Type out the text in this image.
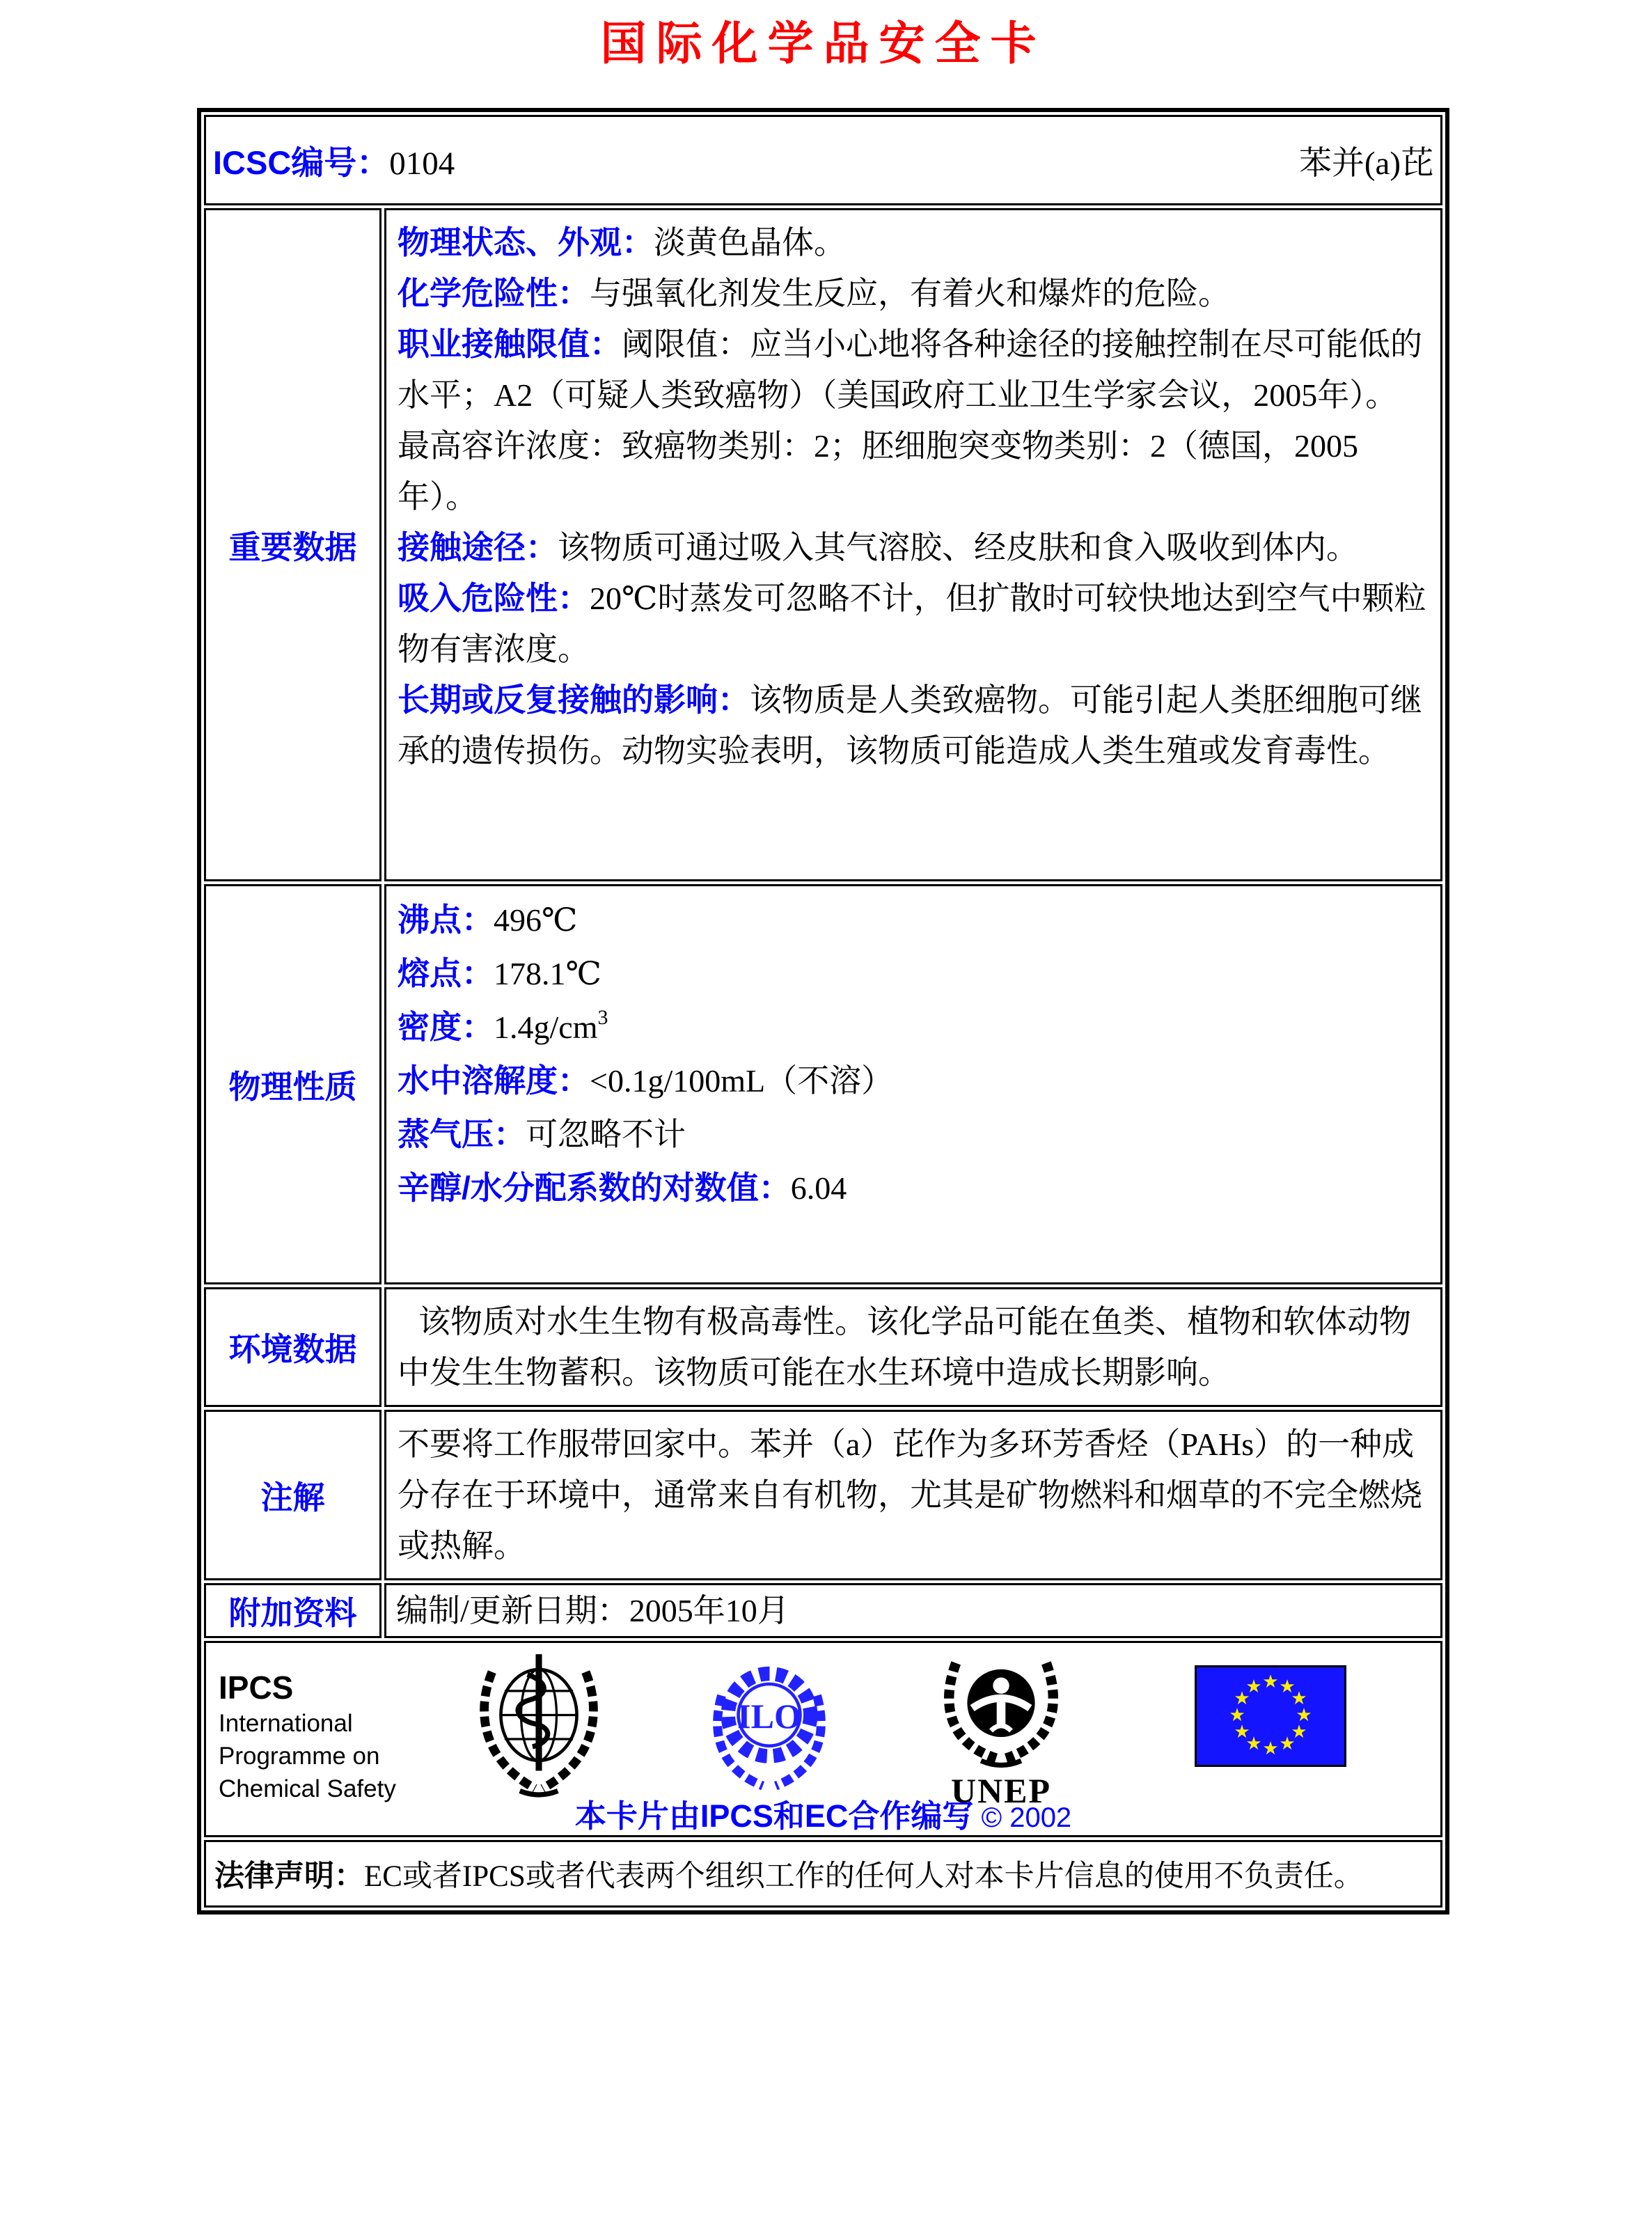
国际化学品安全卡
ICSC编号：0104	苯并(a)芘
重要数据

物理状态、外观：淡黄色晶体。

化学危险性：与强氧化剂发生反应，有着火和爆炸的危险。

职业接触限值：阈限值：应当小心地将各种途径的接触控制在尽可能低的水平；A2（可疑人类致癌物）（美国政府工业卫生学家会议，2005年）。最高容许浓度：致癌物类别：2；胚细胞突变物类别：2（德国，2005年）。

接触途径：该物质可通过吸入其气溶胶、经皮肤和食入吸收到体内。

吸入危险性：20℃时蒸发可忽略不计，但扩散时可较快地达到空气中颗粒物有害浓度。

长期或反复接触的影响：该物质是人类致癌物。可能引起人类胚细胞可继承的遗传损伤。动物实验表明，该物质可能造成人类生殖或发育毒性。

物理性质

沸点：496℃

熔点：178.1℃

密度：$1.4g/cm^3$

水中溶解度：<0.1g/100mL（不溶）

蒸气压：可忽略不计

辛醇/水分配系数的对数值：6.04

环境数据

该物质对水生生物有极高毒性。该化学品可能在鱼类、植物和软体动物中发生生物蓄积。该物质可能在水生环境中造成长期影响。

注解

不要将工作服带回家中。苯并（a）芘作为多环芳香烃（PAHs）的一种成分存在于环境中，通常来自有机物，尤其是矿物燃料和烟草的不完全燃烧或热解。

附加资料	编制/更新日期：2005年10月

IPCS
International
Programme on
Chemical Safety
ILO
UNEP
★ ★
★
★
★
★
★
★
★
★
★
★
本卡片由IPCS和EC合作编写 © 2002
法律声明： EC或者IPCS或者代表两个组织工作的任何人对本卡片信息的使用不负责任。
